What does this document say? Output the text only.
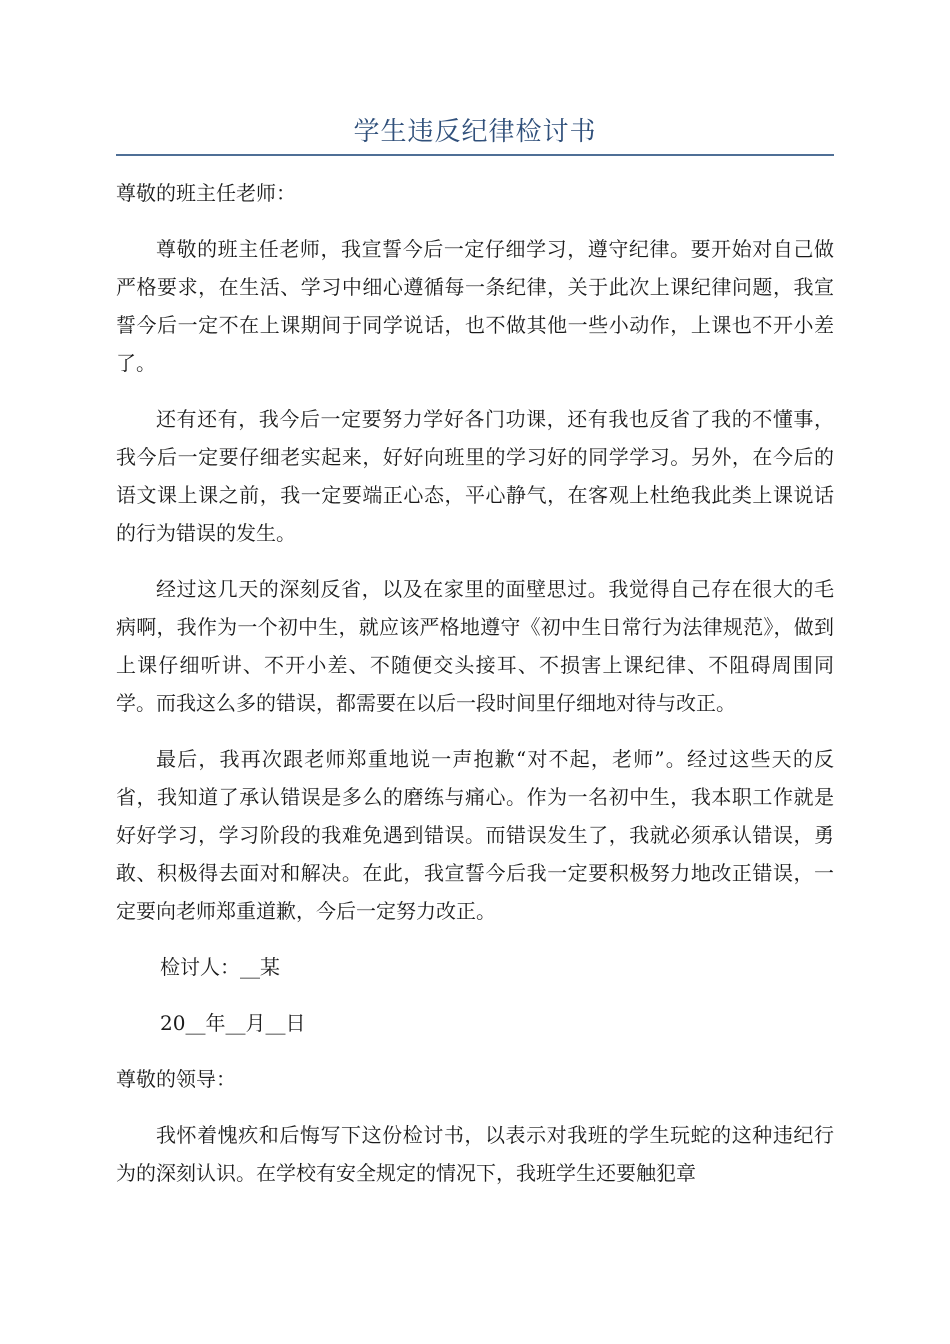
学生违反纪律检讨书

尊敬的班主任老师：

尊敬的班主任老师，我宣誓今后一定仔细学习，遵守纪律。要开始对自己做严格要求，在生活、学习中细心遵循每一条纪律，关于此次上课纪律问题，我宣誓今后一定不在上课期间于同学说话，也不做其他一些小动作，上课也不开小差了。

还有还有，我今后一定要努力学好各门功课，还有我也反省了我的不懂事，我今后一定要仔细老实起来，好好向班里的学习好的同学学习。另外，在今后的语文课上课之前，我一定要端正心态，平心静气，在客观上杜绝我此类上课说话的行为错误的发生。

经过这几天的深刻反省，以及在家里的面壁思过。我觉得自己存在很大的毛病啊，我作为一个初中生，就应该严格地遵守《初中生日常行为法律规范》，做到上课仔细听讲、不开小差、不随便交头接耳、不损害上课纪律、不阻碍周围同学。而我这么多的错误，都需要在以后一段时间里仔细地对待与改正。

最后，我再次跟老师郑重地说一声抱歉“对不起，老师”。经过这些天的反省，我知道了承认错误是多么的磨练与痛心。作为一名初中生，我本职工作就是好好学习，学习阶段的我难免遇到错误。而错误发生了，我就必须承认错误，勇敢、积极得去面对和解决。在此，我宣誓今后我一定要积极努力地改正错误，一定要向老师郑重道歉，今后一定努力改正。

检讨人：__某

20__年__月__日

尊敬的领导：

我怀着愧疚和后悔写下这份检讨书，以表示对我班的学生玩蛇的这种违纪行为的深刻认识。在学校有安全规定的情况下，我班学生还要触犯章
